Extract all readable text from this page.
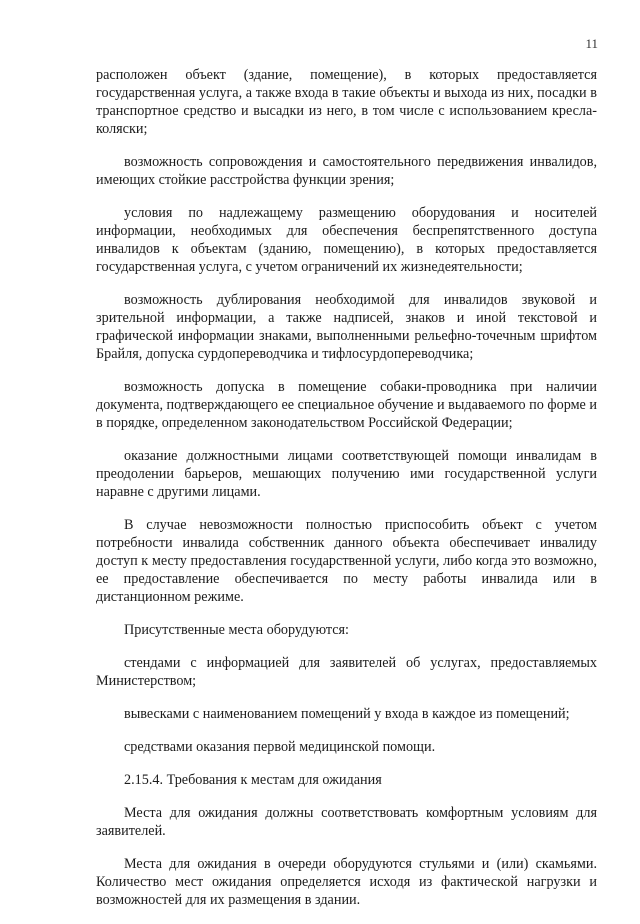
11

расположен объект (здание, помещение), в которых предоставляется государственная услуга, а также входа в такие объекты и выхода из них, посадки в транспортное средство и высадки из него, в том числе с использованием кресла-коляски;

возможность сопровождения и самостоятельного передвижения инвалидов, имеющих стойкие расстройства функции зрения;

условия по надлежащему размещению оборудования и носителей информации, необходимых для обеспечения беспрепятственного доступа инвалидов к объектам (зданию, помещению), в которых предоставляется государственная услуга, с учетом ограничений их жизнедеятельности;

возможность дублирования необходимой для инвалидов звуковой и зрительной информации, а также надписей, знаков и иной текстовой и графической информации знаками, выполненными рельефно-точечным шрифтом Брайля, допуска сурдопереводчика и тифлосурдопереводчика;

возможность допуска в помещение собаки-проводника при наличии документа, подтверждающего ее специальное обучение и выдаваемого по форме и в порядке, определенном законодательством Российской Федерации;

оказание должностными лицами соответствующей помощи инвалидам в преодолении барьеров, мешающих получению ими государственной услуги наравне с другими лицами.

В случае невозможности полностью приспособить объект с учетом потребности инвалида собственник данного объекта обеспечивает инвалиду доступ к месту предоставления государственной услуги, либо когда это возможно, ее предоставление обеспечивается по месту работы инвалида или в дистанционном режиме.

Присутственные места оборудуются:

стендами с информацией для заявителей об услугах, предоставляемых Министерством;

вывесками с наименованием помещений у входа в каждое из помещений;

средствами оказания первой медицинской помощи.

2.15.4. Требования к местам для ожидания

Места для ожидания должны соответствовать комфортным условиям для заявителей.

Места для ожидания в очереди оборудуются стульями и (или) скамьями. Количество мест ожидания определяется исходя из фактической нагрузки и возможностей для их размещения в здании.
